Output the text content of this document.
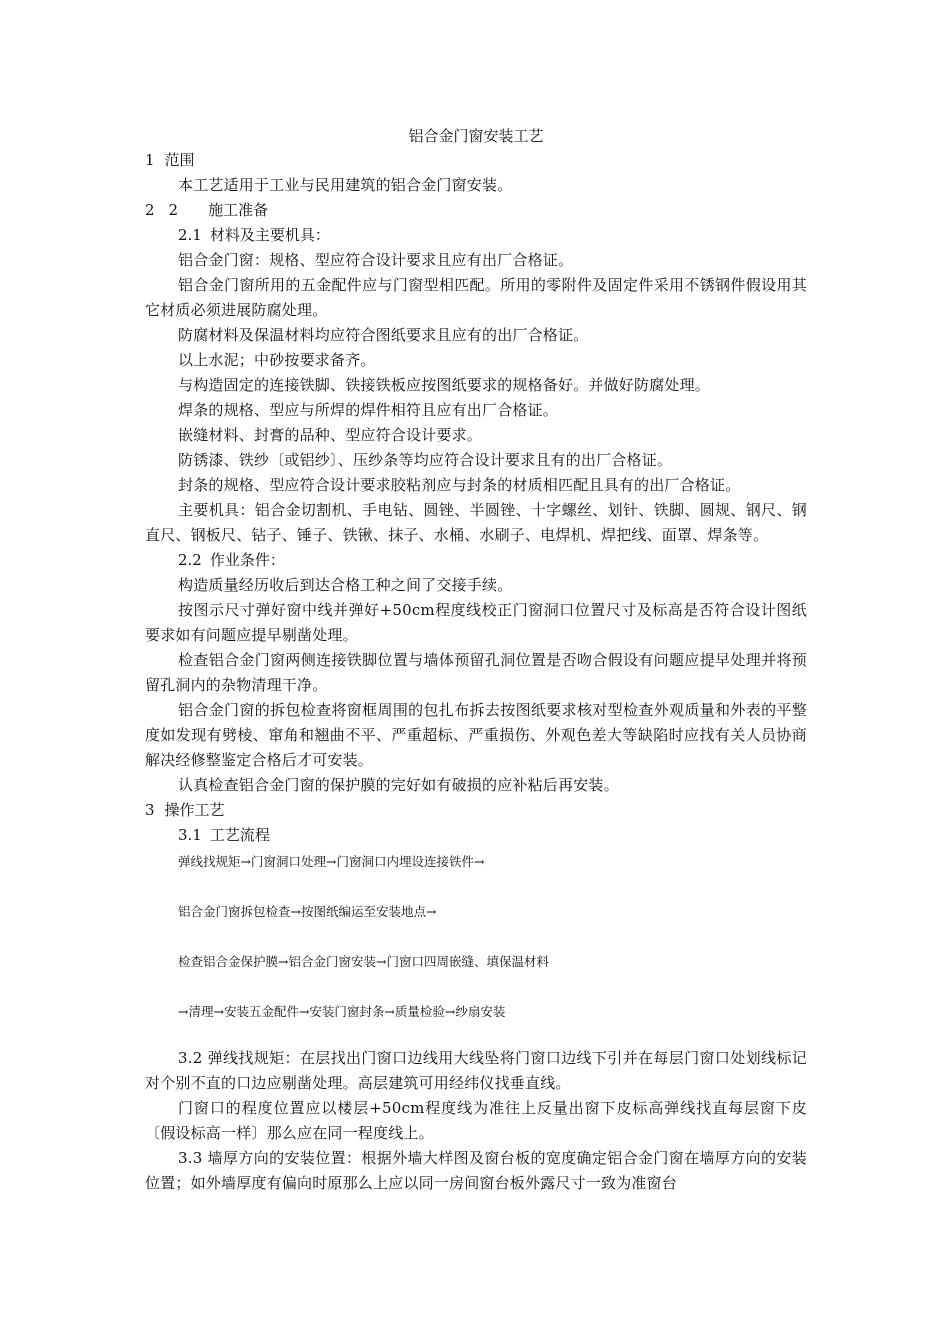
铝合金门窗安装工艺

1 范围

本工艺适用于工业与民用建筑的铝合金门窗安装。

2 2 施工准备

2.1 材料及主要机具：

铝合金门窗：规格、型应符合设计要求且应有出厂合格证。

铝合金门窗所用的五金配件应与门窗型相匹配。所用的零附件及固定件采用不锈钢件假设用其它材质必须进展防腐处理。

防腐材料及保温材料均应符合图纸要求且应有的出厂合格证。

以上水泥；中砂按要求备齐。

与构造固定的连接铁脚、铁接铁板应按图纸要求的规格备好。并做好防腐处理。

焊条的规格、型应与所焊的焊件相符且应有出厂合格证。

嵌缝材料、封膏的品种、型应符合设计要求。

防锈漆、铁纱〔或铝纱〕、压纱条等均应符合设计要求且有的出厂合格证。

封条的规格、型应符合设计要求胶粘剂应与封条的材质相匹配且具有的出厂合格证。

主要机具：铝合金切割机、手电钻、圆锉、半圆锉、十字螺丝、划针、铁脚、圆规、钢尺、钢直尺、钢板尺、钻子、锤子、铁锹、抹子、水桶、水刷子、电焊机、焊把线、面罩、焊条等。

2.2 作业条件：

构造质量经历收后到达合格工种之间了交接手续。

按图示尺寸弹好窗中线并弹好+50cm程度线校正门窗洞口位置尺寸及标高是否符合设计图纸要求如有问题应提早剔凿处理。

检查铝合金门窗两侧连接铁脚位置与墙体预留孔洞位置是否吻合假设有问题应提早处理并将预留孔洞内的杂物清理干净。

铝合金门窗的拆包检查将窗框周围的包扎布拆去按图纸要求核对型检查外观质量和外表的平整度如发现有劈棱、窜角和翘曲不平、严重超标、严重损伤、外观色差大等缺陷时应找有关人员协商解决经修整鉴定合格后才可安装。

认真检查铝合金门窗的保护膜的完好如有破损的应补粘后再安装。

3 操作工艺

3.1 工艺流程

弹线找规矩→门窗洞口处理→门窗洞口内埋设连接铁件→

铝合金门窗拆包检查→按图纸编运至安装地点→

检查铝合金保护膜→铝合金门窗安装→门窗口四周嵌缝、填保温材料

→清理→安装五金配件→安装门窗封条→质量检验→纱扇安装

3.2 弹线找规矩：在层找出门窗口边线用大线坠将门窗口边线下引并在每层门窗口处划线标记对个别不直的口边应剔凿处理。高层建筑可用经纬仪找垂直线。

门窗口的程度位置应以楼层+50cm程度线为准往上反量出窗下皮标高弹线找直每层窗下皮〔假设标高一样〕那么应在同一程度线上。

3.3 墙厚方向的安装位置：根据外墙大样图及窗台板的宽度确定铝合金门窗在墙厚方向的安装位置；如外墙厚度有偏向时原那么上应以同一房间窗台板外露尺寸一致为准窗台
